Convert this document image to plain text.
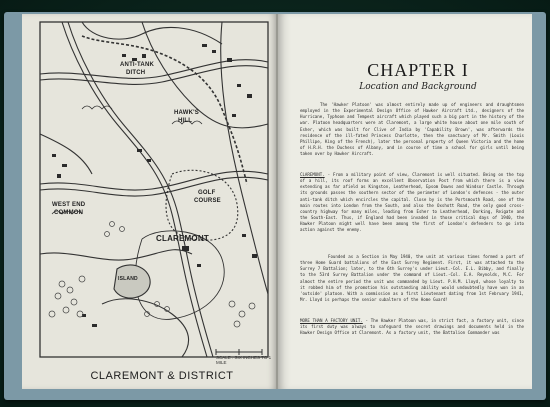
ANTI-TANK
DITCH
HAWK'S
HILL
GOLF
COURSE
WEST END
COMMON
CLAREMONT
ISLAND
SCALE : SIX INCHES TO 1 MILE
CLAREMONT & DISTRICT
CHAPTER I
Location and Background
The 'Hawker Platoon' was almost entirely made up of engineers and draughtsmen employed in the Experimental Design Office of Hawker Aircraft Ltd., designers of the Hurricane, Typhoon and Tempest aircraft which played such a big part in the history of the war. Platoon headquarters were at Claremont, a large white house about one mile south of Esher, which was built for Clive of India by 'Capability Brown', was afterwards the residence of the ill-fated Princess Charlotte, then the sanctuary of Mr. Smith (Louis Phillipe, King of the French), later the personal property of Queen Victoria and the home of H.R.H. the Duchess of Albany, and in course of time a school for girls until being taken over by Hawker Aircraft.
CLAREMONT. - From a military point of view, Claremont is well situated. Being on the top of a hill, its roof forms an excellent Observation Post from which there is a view extending as far afield as Kingston, Leatherhead, Epsom Downs and Windsor Castle. Through its grounds passes the southern sector of the perimeter of London's defences - the outer anti-tank ditch which encircles the capital. Close by is the Portsmouth Road, one of the main routes into London from the South, and also the Oxshott Road, the only good cross-country highway for many miles, leading from Esher to Leatherhead, Dorking, Reigate and the South-East. Thus, if England had been invaded in those critical days of 1940, the Hawker Platoon might well have been among the first of London's defenders to go into action against the enemy.
Founded as a Section in May 1940, the unit at various times formed a part of three Home Guard battalions of the East Surrey Regiment. First, it was attached to the Surrey 7 Battalion; later, to the 6th Surrey's under Lieut.-Col. E.L. Bibby, and finally to the 53rd Surrey Battalion under the command of Lieut.-Col. E.A. Reynolds, M.C. For almost the entire period the unit was commanded by Lieut. P.H.M. Lloyd, whose loyalty to it robbed him of the promotion his outstanding ability would undoubtedly have won in an 'outside' platoon. With a commission as a first Lieutenant dating from 1st February 1941, Mr. Lloyd is perhaps the senior subaltern of the Home Guard!
MORE THAN A FACTORY UNIT. - The Hawker Platoon was, in strict fact, a factory unit, since its first duty was always to safeguard the secret drawings and documents held in the Hawker Design Office at Claremont. As a factory unit, the Battalion Commander was
